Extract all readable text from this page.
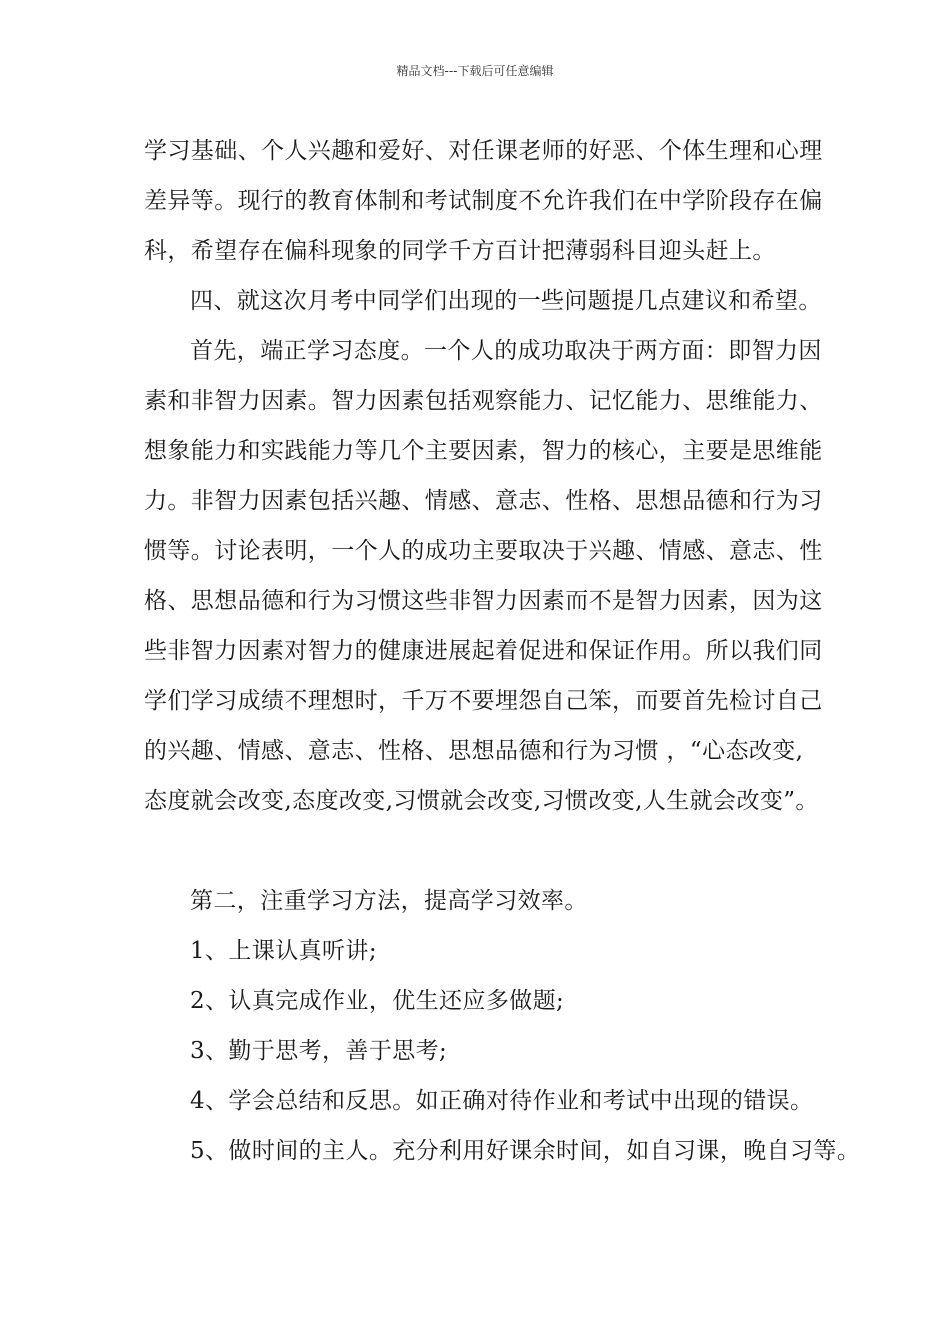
精品文档---下载后可任意编辑
学习基础、个人兴趣和爱好、对任课老师的好恶、个体生理和心理
差异等。现行的教育体制和考试制度不允许我们在中学阶段存在偏
科，希望存在偏科现象的同学千方百计把薄弱科目迎头赶上。
四、就这次月考中同学们出现的一些问题提几点建议和希望。
首先，端正学习态度。一个人的成功取决于两方面：即智力因
素和非智力因素。智力因素包括观察能力、记忆能力、思维能力、
想象能力和实践能力等几个主要因素，智力的核心，主要是思维能
力。非智力因素包括兴趣、情感、意志、性格、思想品德和行为习
惯等。讨论表明，一个人的成功主要取决于兴趣、情感、意志、性
格、思想品德和行为习惯这些非智力因素而不是智力因素，因为这
些非智力因素对智力的健康进展起着促进和保证作用。所以我们同
学们学习成绩不理想时，千万不要埋怨自己笨，而要首先检讨自己
的兴趣、情感、意志、性格、思想品德和行为习惯 ，“心态改变,
态度就会改变,态度改变,习惯就会改变,习惯改变,人生就会改变”。
第二，注重学习方法，提高学习效率。
1、上课认真听讲;
2、认真完成作业，优生还应多做题;
3、勤于思考，善于思考;
4、学会总结和反思。如正确对待作业和考试中出现的错误。
5、做时间的主人。充分利用好课余时间，如自习课，晚自习等。
